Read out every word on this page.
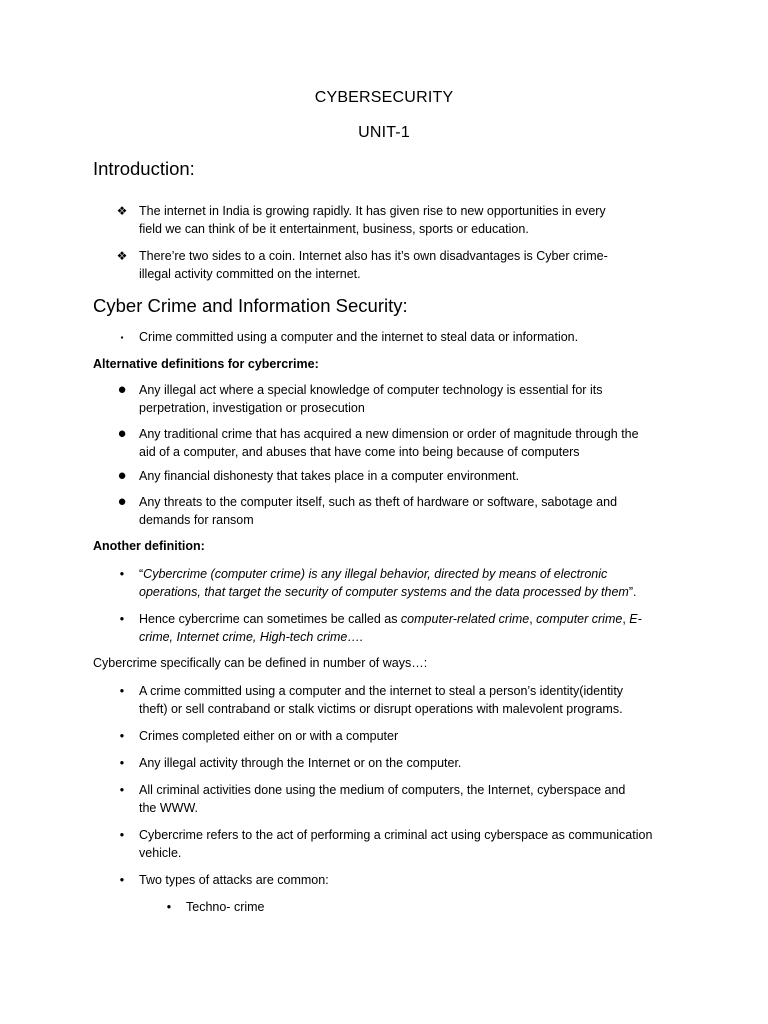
CYBERSECURITY
UNIT-1
Introduction:
❖ The internet in India is growing rapidly. It has given rise to new opportunities in every
field we can think of be it entertainment, business, sports or education.
❖ There’re two sides to a coin. Internet also has it’s own disadvantages is Cyber crime-
illegal activity committed on the internet.
Cyber Crime and Information Security:
▪	Crime committed using a computer and the internet to steal data or information.
Alternative definitions for cybercrime:
● Any illegal act where a special knowledge of computer technology is essential for its
perpetration, investigation or prosecution
● Any traditional crime that has acquired a new dimension or order of magnitude through the
aid of a computer, and abuses that have come into being because of computers
● Any financial dishonesty that takes place in a computer environment.
● Any threats to the computer itself, such as theft of hardware or software, sabotage and
demands for ransom
Another definition:
•	“Cybercrime (computer crime) is any illegal behavior, directed by means of electronic
operations, that target the security of computer systems and the data processed by them”.
•	Hence cybercrime can sometimes be called as computer-related crime, computer crime, E-
crime, Internet crime, High-tech crime….
Cybercrime specifically can be defined in number of ways…:
•	A crime committed using a computer and the internet to steal a person’s identity(identity
theft) or sell contraband or stalk victims or disrupt operations with malevolent programs.
•	Crimes completed either on or with a computer
•	Any illegal activity through the Internet or on the computer.
•	All criminal activities done using the medium of computers, the Internet, cyberspace and
the WWW.
•	Cybercrime refers to the act of performing a criminal act using cyberspace as communication
vehicle.
•	Two types of attacks are common:
•	Techno- crime
